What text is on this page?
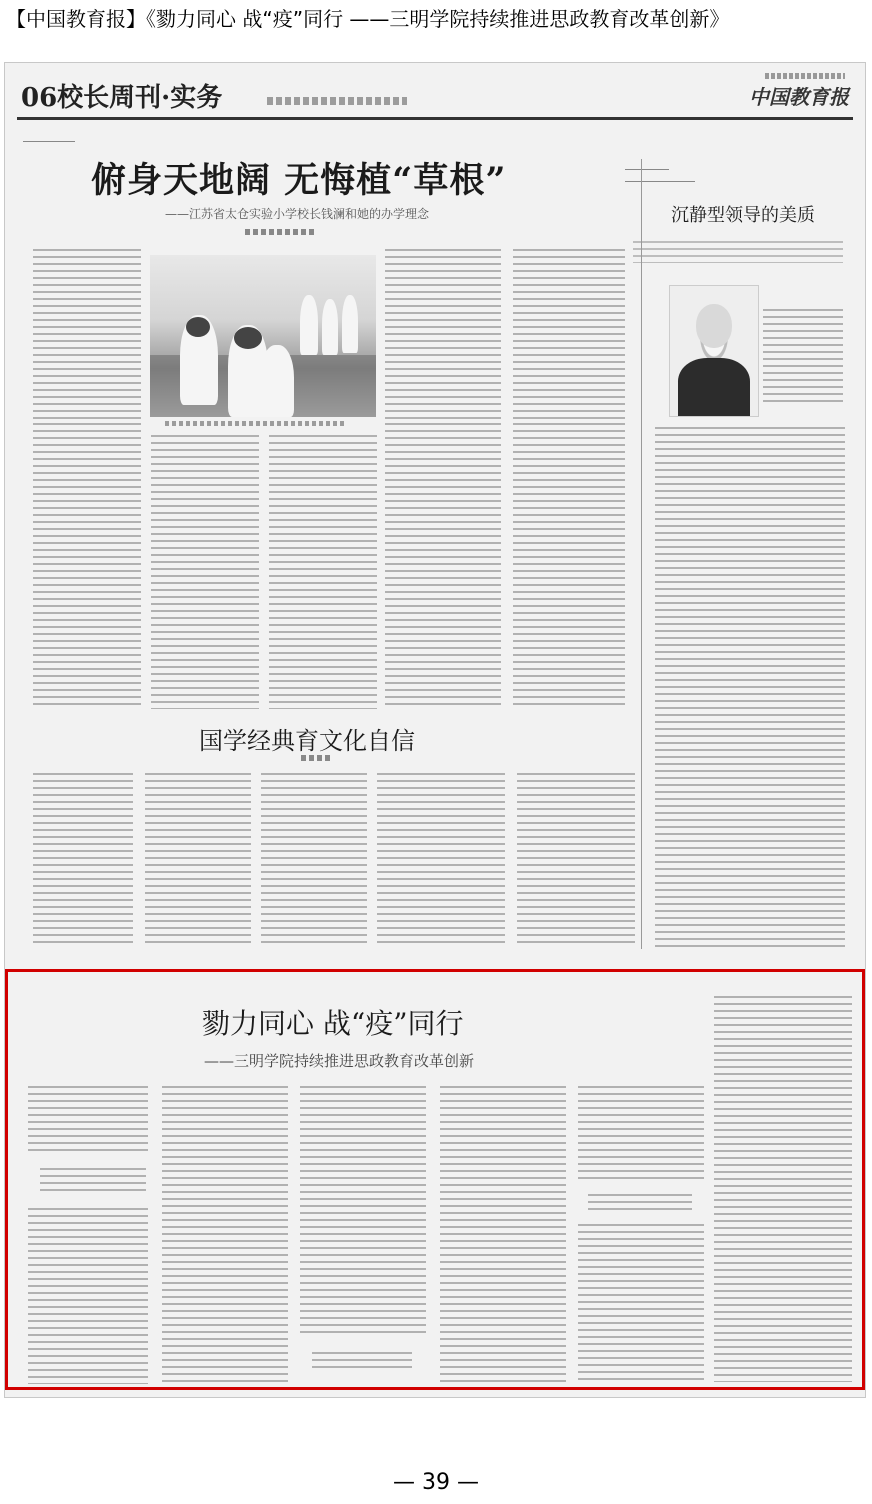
【中国教育报】《勠力同心 战“疫”同行 ——三明学院持续推进思政教育改革创新》
06校长周刊·实务	中国教育报
俯身天地阔 无悔植“草根”
——江苏省太仓实验小学校长钱澜和她的办学理念	沉静型领导的美质
国学经典育文化自信
勠力同心 战“疫”同行
——三明学院持续推进思政教育改革创新
— 39 —
